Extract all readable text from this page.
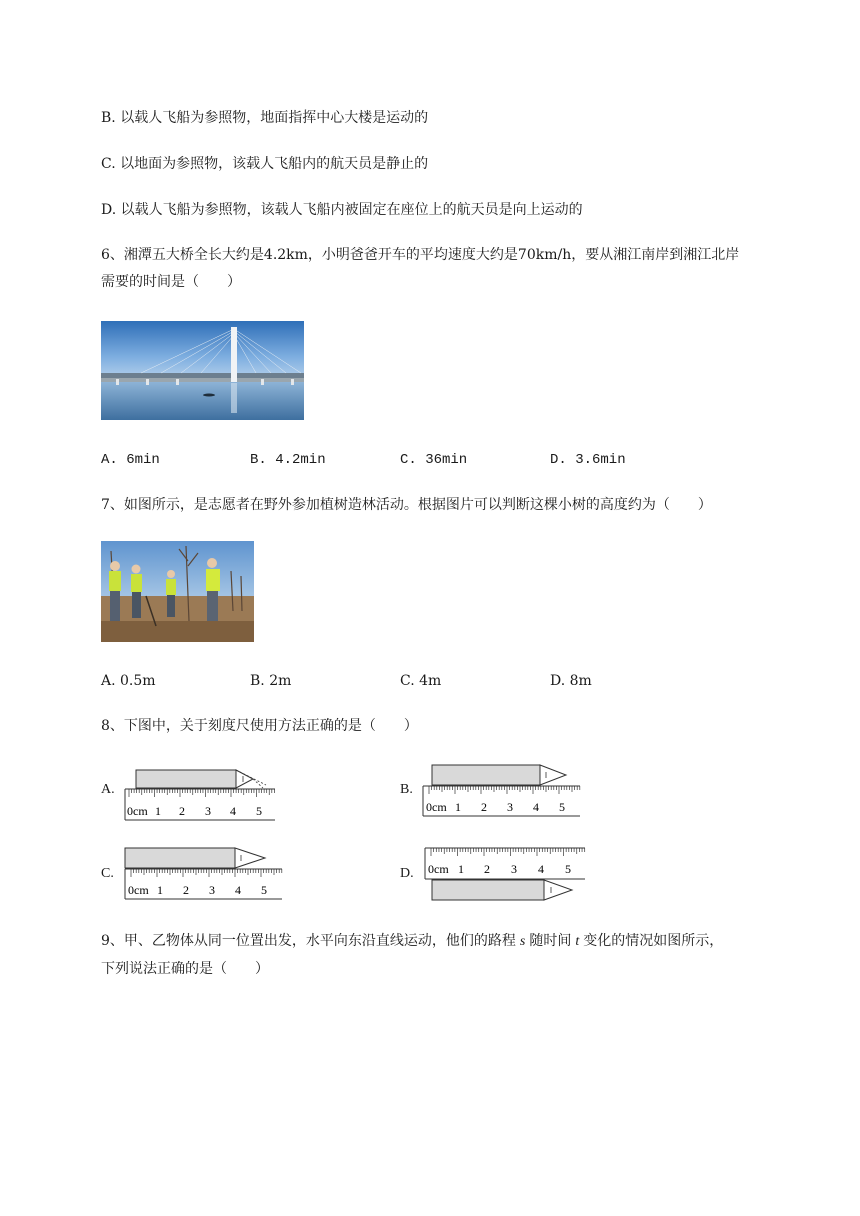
B. 以载人飞船为参照物，地面指挥中心大楼是运动的
C. 以地面为参照物，该载人飞船内的航天员是静止的
D. 以载人飞船为参照物，该载人飞船内被固定在座位上的航天员是向上运动的
6、湘潭五大桥全长大约是4.2km，小明爸爸开车的平均速度大约是70km/h，要从湘江南岸到湘江北岸
需要的时间是（　　）
A. 6min	B. 4.2min	C. 36min	D. 3.6min
7、如图所示，是志愿者在野外参加植树造林活动。根据图片可以判断这棵小树的高度约为（　　）
A. 0.5m	B. 2m	C. 4m	D. 8m
8、下图中，关于刻度尺使用方法正确的是（　　）
A.
0cm 1 2 3 4 5
B.
0cm 1 2 3 4 5
C.
0cm 1 2 3 4 5
D. 0cm 1 2 3 4 5
9、甲、乙物体从同一位置出发，水平向东沿直线运动，他们的路程 s 随时间 t 变化的情况如图所示，
下列说法正确的是（　　）
